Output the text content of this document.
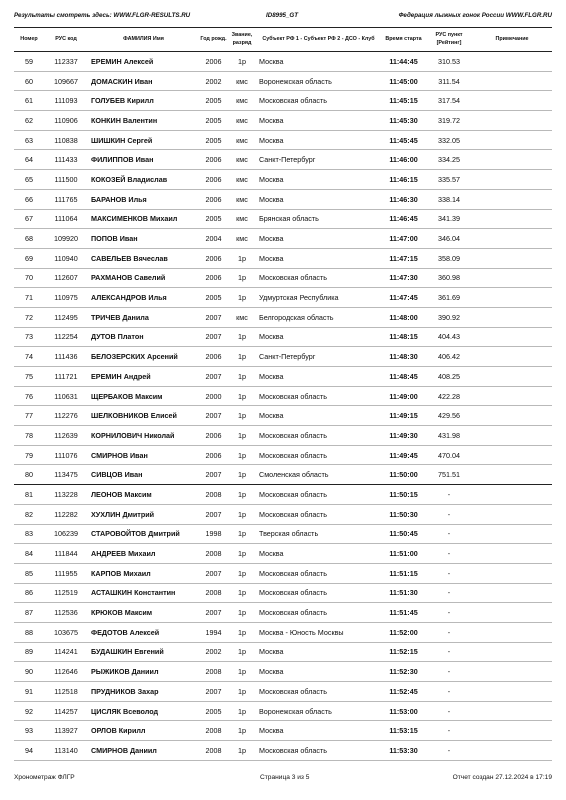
Результаты смотреть здесь: WWW.FLGR-RESULTS.RU	ID8995_GT	Федерация лыжных гонок России WWW.FLGR.RU
Номер	РУС код	ФАМИЛИЯ Имя	Год рожд.	Звание, разряд	Субъект РФ 1 - Субъект РФ 2 - ДСО - Клуб	Время старта	РУС пункт [Рейтинг]	Примечание
59	112337	ЕРЕМИН Алексей	2006	1р	Москва	11:44:45	310.53	
60	109667	ДОМАСКИН Иван	2002	кмс	Воронежская область	11:45:00	311.54	
61	111093	ГОЛУБЕВ Кирилл	2005	кмс	Московская область	11:45:15	317.54	
62	110906	КОНКИН Валентин	2005	кмс	Москва	11:45:30	319.72	
63	110838	ШИШКИН Сергей	2005	кмс	Москва	11:45:45	332.05	
64	111433	ФИЛИППОВ Иван	2006	кмс	Санкт-Петербург	11:46:00	334.25	
65	111500	КОКОЗЕЙ Владислав	2006	кмс	Москва	11:46:15	335.57	
66	111765	БАРАНОВ Илья	2006	кмс	Москва	11:46:30	338.14	
67	111064	МАКСИМЕНКОВ Михаил	2005	кмс	Брянская область	11:46:45	341.39	
68	109920	ПОПОВ Иван	2004	кмс	Москва	11:47:00	346.04	
69	110940	САВЕЛЬЕВ Вячеслав	2006	1р	Москва	11:47:15	358.09	
70	112607	РАХМАНОВ Савелий	2006	1р	Московская область	11:47:30	360.98	
71	110975	АЛЕКСАНДРОВ Илья	2005	1р	Удмуртская Республика	11:47:45	361.69	
72	112495	ТРИЧЕВ Данила	2007	кмс	Белгородская область	11:48:00	390.92	
73	112254	ДУТОВ Платон	2007	1р	Москва	11:48:15	404.43	
74	111436	БЕЛОЗЕРСКИХ Арсений	2006	1р	Санкт-Петербург	11:48:30	406.42	
75	111721	ЕРЕМИН Андрей	2007	1р	Москва	11:48:45	408.25	
76	110631	ЩЕРБАКОВ Максим	2000	1р	Московская область	11:49:00	422.28	
77	112276	ШЕЛКОВНИКОВ Елисей	2007	1р	Москва	11:49:15	429.56	
78	112639	КОРНИЛОВИЧ Николай	2006	1р	Московская область	11:49:30	431.98	
79	111076	СМИРНОВ Иван	2006	1р	Московская область	11:49:45	470.04	
80	113475	СИВЦОВ Иван	2007	1р	Смоленская область	11:50:00	751.51	
81	113228	ЛЕОНОВ Максим	2008	1р	Московская область	11:50:15	-	
82	112282	ХУХЛИН Дмитрий	2007	1р	Московская область	11:50:30	-	
83	106239	СТАРОВОЙТОВ Дмитрий	1998	1р	Тверская область	11:50:45	-	
84	111844	АНДРЕЕВ Михаил	2008	1р	Москва	11:51:00	-	
85	111955	КАРПОВ Михаил	2007	1р	Московская область	11:51:15	-	
86	112519	АСТАШКИН Константин	2008	1р	Московская область	11:51:30	-	
87	112536	КРЮКОВ Максим	2007	1р	Московская область	11:51:45	-	
88	103675	ФЕДОТОВ Алексей	1994	1р	Москва - Юность Москвы	11:52:00	-	
89	114241	БУДАШКИН Евгений	2002	1р	Москва	11:52:15	-	
90	112646	РЫЖИКОВ Даниил	2008	1р	Москва	11:52:30	-	
91	112518	ПРУДНИКОВ Захар	2007	1р	Московская область	11:52:45	-	
92	114257	ЦИСЛЯК Всеволод	2005	1р	Воронежская область	11:53:00	-	
93	113927	ОРЛОВ Кирилл	2008	1р	Москва	11:53:15	-	
94	113140	СМИРНОВ Даниил	2008	1р	Московская область	11:53:30	-	
Хронометраж ФЛГР	Страница 3 из 5	Отчет создан 27.12.2024 в 17:19
